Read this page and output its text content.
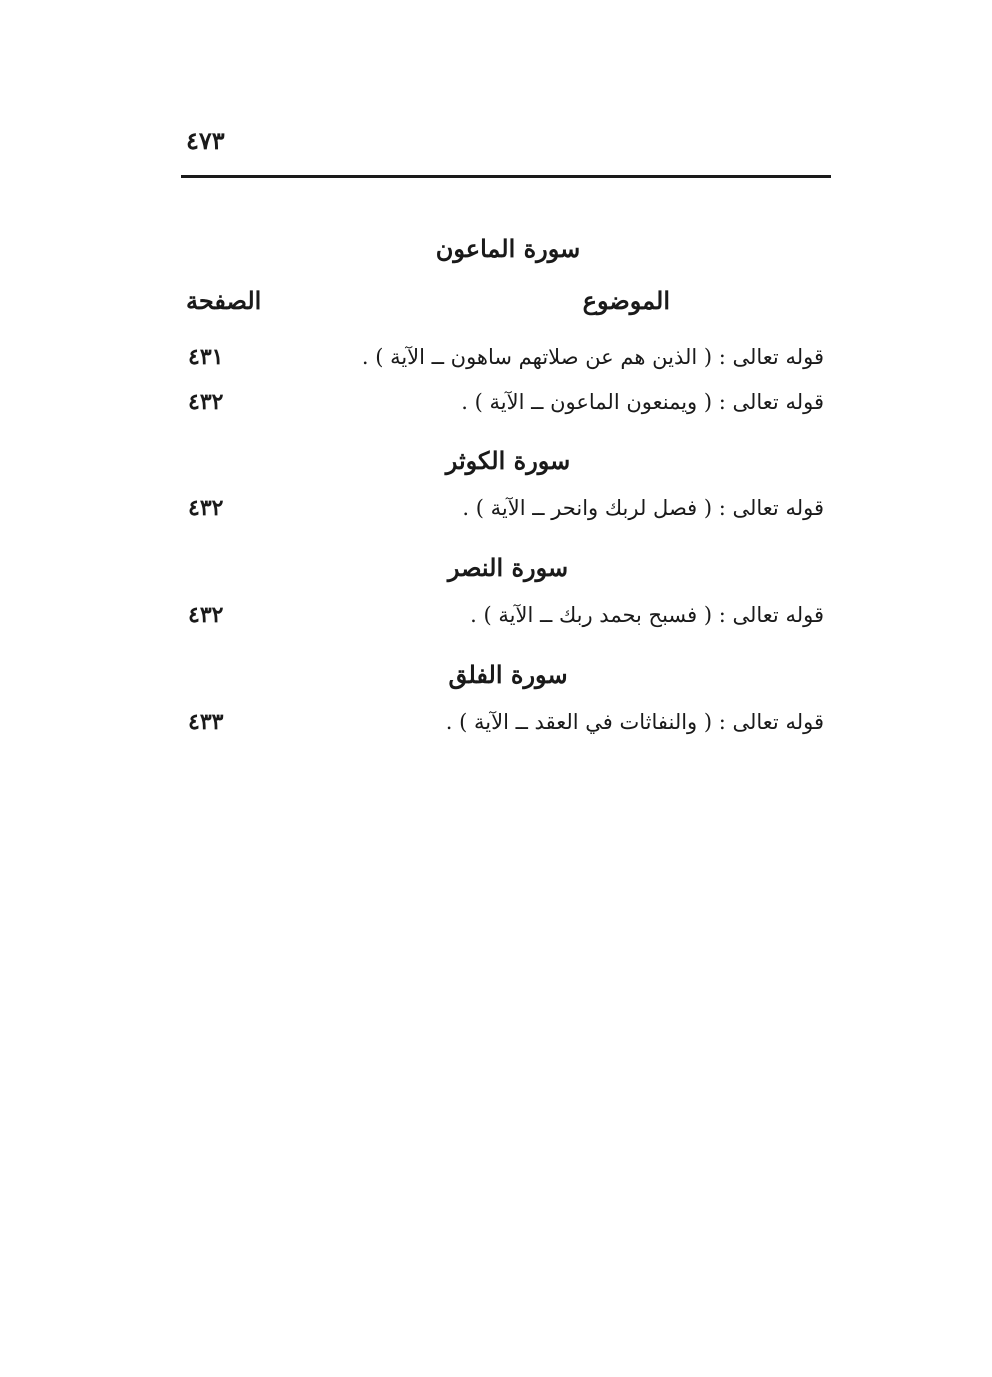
٤٧٣
سورة الماعون
الموضوع
الصفحة
قوله تعالى : ( الذين هم عن صلاتهم ساهون ــ الآية ) .
٤٣١
قوله تعالى : ( ويمنعون الماعون ــ الآية ) .
٤٣٢
سورة الكوثر
قوله تعالى : ( فصل لربك وانحر ــ الآية ) .
٤٣٢
سورة النصر
قوله تعالى : ( فسبح بحمد ربك ــ الآية ) .
٤٣٢
سورة الفلق
قوله تعالى : ( والنفاثات في العقد ــ الآية ) .
٤٣٣
